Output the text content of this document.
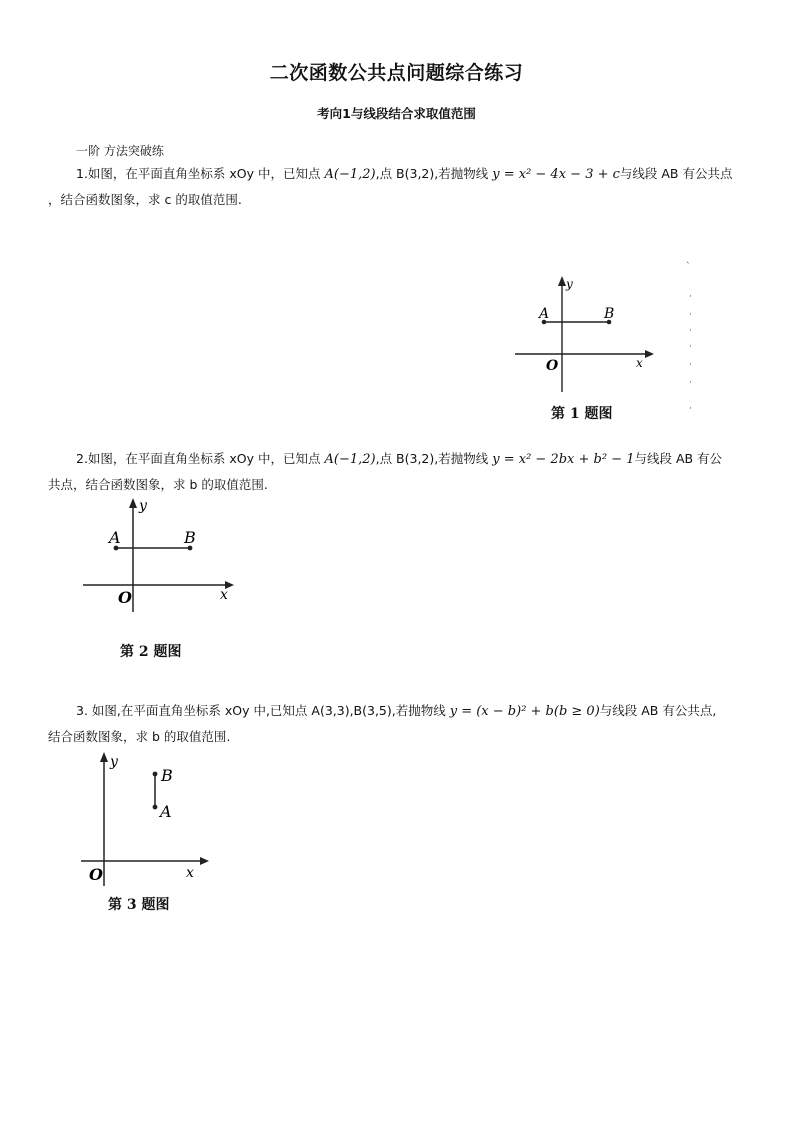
二次函数公共点问题综合练习
考向1与线段结合求取值范围
一阶 方法突破练
1.如图，在平面直角坐标系 xOy 中，已知点 A(−1,2),点 B(3,2),若抛物线 y = x² − 4x − 3 + c与线段 AB 有公共点
，结合函数图象，求 c 的取值范围.
A	B
O	x
y
第 1 题图
`
·
·
·
·
·
·
·
2.如图，在平面直角坐标系 xOy 中，已知点 A(−1,2),点 B(3,2),若抛物线 y = x² − 2bx + b² − 1与线段 AB 有公
共点，结合函数图象，求 b 的取值范围.
A	B
O	x
y
第 2 题图
3. 如图,在平面直角坐标系 xOy 中,已知点 A(3,3),B(3,5),若抛物线 y = (x − b)² + b(b ≥ 0)与线段 AB 有公共点,
结合函数图象，求 b 的取值范围.
B
A
O	x
y
第 3 题图
